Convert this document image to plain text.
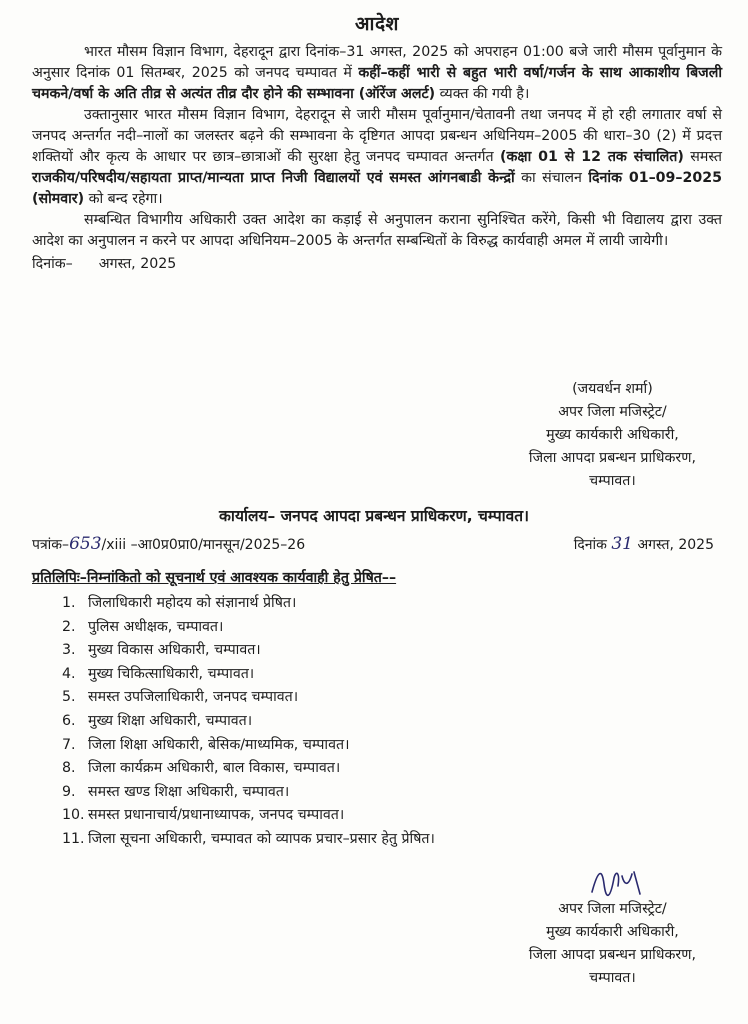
आदेश

भारत मौसम विज्ञान विभाग, देहरादून द्वारा दिनांक–31 अगस्त, 2025 को अपराहन 01:00 बजे जारी मौसम पूर्वानुमान के अनुसार दिनांक 01 सितम्बर, 2025 को जनपद चम्पावत में कहीं–कहीं भारी से बहुत भारी वर्षा/गर्जन के साथ आकाशीय बिजली चमकने/वर्षा के अति तीव्र से अत्यंत तीव्र दौर होने की सम्भावना (ऑरेंज अलर्ट) व्यक्त की गयी है।

उक्तानुसार भारत मौसम विज्ञान विभाग, देहरादून से जारी मौसम पूर्वानुमान/चेतावनी तथा जनपद में हो रही लगातार वर्षा से जनपद अन्तर्गत नदी–नालों का जलस्तर बढ़ने की सम्भावना के दृष्टिगत आपदा प्रबन्धन अधिनियम–2005 की धारा–30 (2) में प्रदत्त शक्तियों और कृत्य के आधार पर छात्र–छात्राओं की सुरक्षा हेतु जनपद चम्पावत अन्तर्गत (कक्षा 01 से 12 तक संचालित) समस्त राजकीय/परिषदीय/सहायता प्राप्त/मान्यता प्राप्त निजी विद्यालयों एवं समस्त आंगनबाडी केन्द्रों का संचालन दिनांक 01–09–2025 (सोमवार) को बन्द रहेगा।

सम्बन्धित विभागीय अधिकारी उक्त आदेश का कड़ाई से अनुपालन कराना सुनिश्चित करेंगे, किसी भी विद्यालय द्वारा उक्त आदेश का अनुपालन न करने पर आपदा अधिनियम–2005 के अन्तर्गत सम्बन्धितों के विरुद्ध कार्यवाही अमल में लायी जायेगी।

दिनांक– अगस्त, 2025
(जयवर्धन शर्मा)
अपर जिला मजिस्ट्रेट/
मुख्य कार्यकारी अधिकारी,
जिला आपदा प्रबन्धन प्राधिकरण,
चम्पावत।
कार्यालय– जनपद आपदा प्रबन्धन प्राधिकरण, चम्पावत।
पत्रांक–653/xiii –आ0प्र0प्रा0/मानसून/2025–26	दिनांक 31 अगस्त, 2025
प्रतिलिपिः–निम्नांकितो को सूचनार्थ एवं आवश्यक कार्यवाही हेतु प्रेषित––
1. जिलाधिकारी महोदय को संज्ञानार्थ प्रेषित।
2. पुलिस अधीक्षक, चम्पावत।
3. मुख्य विकास अधिकारी, चम्पावत।
4. मुख्य चिकित्साधिकारी, चम्पावत।
5. समस्त उपजिलाधिकारी, जनपद चम्पावत।
6. मुख्य शिक्षा अधिकारी, चम्पावत।
7. जिला शिक्षा अधिकारी, बेसिक/माध्यमिक, चम्पावत।
8. जिला कार्यक्रम अधिकारी, बाल विकास, चम्पावत।
9. समस्त खण्ड शिक्षा अधिकारी, चम्पावत।
10. समस्त प्रधानाचार्य/प्रधानाध्यापक, जनपद चम्पावत।
11. जिला सूचना अधिकारी, चम्पावत को व्यापक प्रचार–प्रसार हेतु प्रेषित।
अपर जिला मजिस्ट्रेट/
मुख्य कार्यकारी अधिकारी,
जिला आपदा प्रबन्धन प्राधिकरण,
चम्पावत।
